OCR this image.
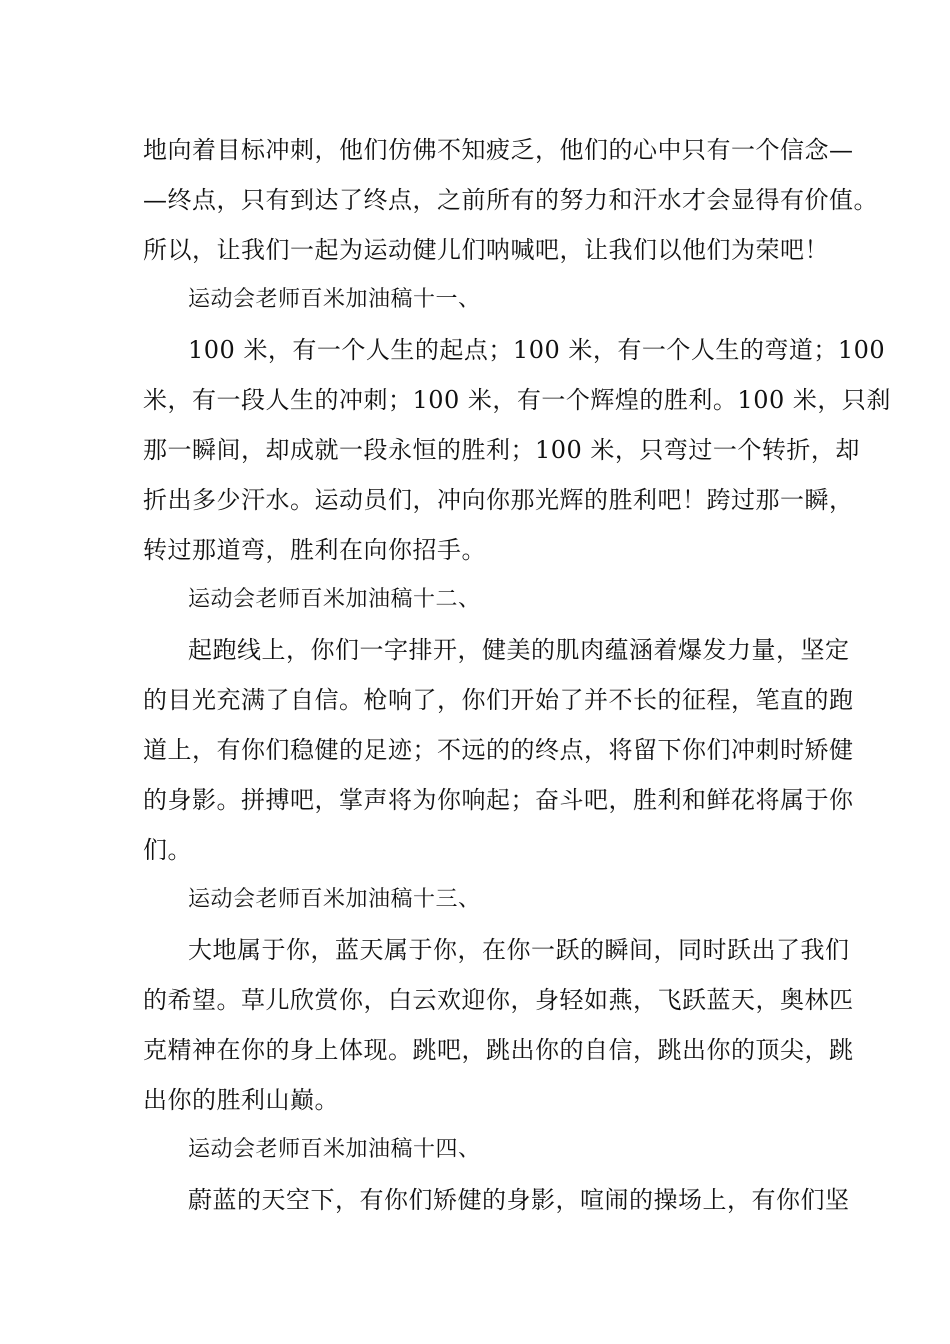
地向着目标冲刺，他们仿佛不知疲乏，他们的心中只有一个信念—
—终点，只有到达了终点，之前所有的努力和汗水才会显得有价值。
所以，让我们一起为运动健儿们呐喊吧，让我们以他们为荣吧！
运动会老师百米加油稿十一、
100 米，有一个人生的起点；100 米，有一个人生的弯道；100
米，有一段人生的冲刺；100 米，有一个辉煌的胜利。100 米，只刹
那一瞬间，却成就一段永恒的胜利；100 米，只弯过一个转折，却
折出多少汗水。运动员们，冲向你那光辉的胜利吧！跨过那一瞬，
转过那道弯，胜利在向你招手。
运动会老师百米加油稿十二、
起跑线上，你们一字排开，健美的肌肉蕴涵着爆发力量，坚定
的目光充满了自信。枪响了，你们开始了并不长的征程，笔直的跑
道上，有你们稳健的足迹；不远的的终点，将留下你们冲刺时矫健
的身影。拼搏吧，掌声将为你响起；奋斗吧，胜利和鲜花将属于你
们。
运动会老师百米加油稿十三、
大地属于你，蓝天属于你，在你一跃的瞬间，同时跃出了我们
的希望。草儿欣赏你，白云欢迎你，身轻如燕，飞跃蓝天，奥林匹
克精神在你的身上体现。跳吧，跳出你的自信，跳出你的顶尖，跳
出你的胜利山巅。
运动会老师百米加油稿十四、
蔚蓝的天空下，有你们矫健的身影，喧闹的操场上，有你们坚
